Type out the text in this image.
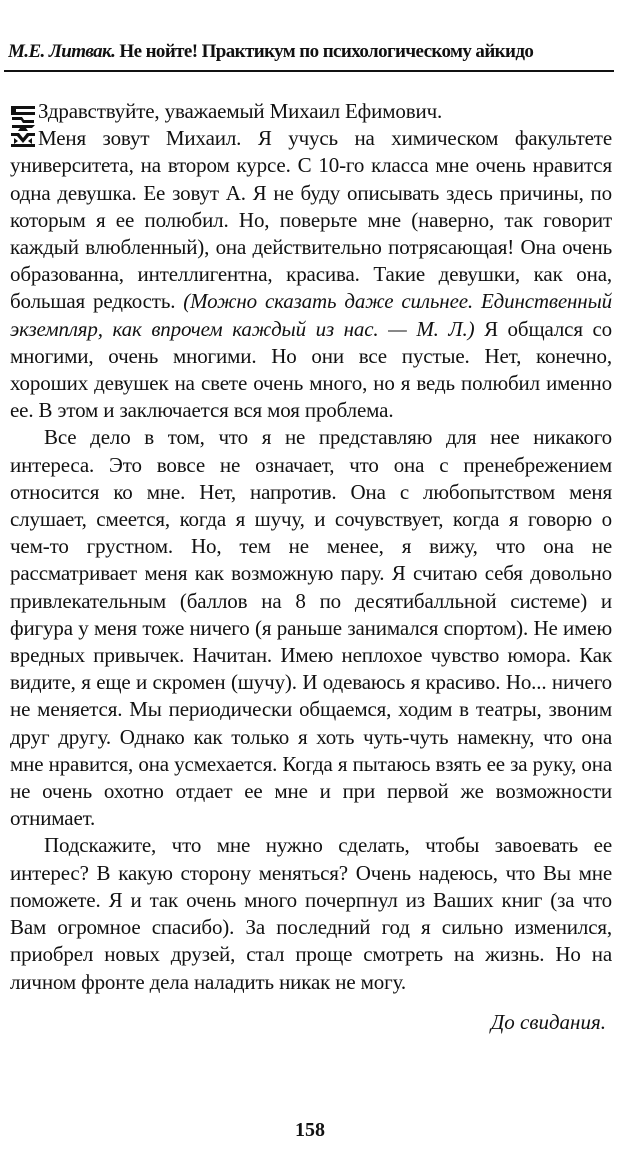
М.Е. Литвак. Не нойте! Практикум по психологическому айкидо

Здравствуйте, уважаемый Михаил Ефимович.
Меня зовут Михаил. Я учусь на химическом факультете университета, на втором курсе. С 10-го класса мне очень нравится одна девушка. Ее зовут А. Я не буду описывать здесь причины, по которым я ее полюбил. Но, поверьте мне (наверно, так говорит каждый влюбленный), она действительно потрясающая! Она очень образованна, интеллигентна, красива. Такие девушки, как она, большая редкость. (Можно сказать даже сильнее. Единственный экземпляр, как впрочем каждый из нас. — М. Л.) Я общался со многими, очень многими. Но они все пустые. Нет, конечно, хороших девушек на свете очень много, но я ведь полюбил именно ее. В этом и заключается вся моя проблема.

Все дело в том, что я не представляю для нее никакого интереса. Это вовсе не означает, что она с пренебрежением относится ко мне. Нет, напротив. Она с любопытством меня слушает, смеется, когда я шучу, и сочувствует, когда я говорю о чем-то грустном. Но, тем не менее, я вижу, что она не рассматривает меня как возможную пару. Я считаю себя довольно привлекательным (баллов на 8 по десятибалльной системе) и фигура у меня тоже ничего (я раньше занимался спортом). Не имею вредных привычек. Начитан. Имею неплохое чувство юмора. Как видите, я еще и скромен (шучу). И одеваюсь я красиво. Но... ничего не меняется. Мы периодически общаемся, ходим в театры, звоним друг другу. Однако как только я хоть чуть-чуть намекну, что она мне нравится, она усмехается. Когда я пытаюсь взять ее за руку, она не очень охотно отдает ее мне и при первой же возможности отнимает.

Подскажите, что мне нужно сделать, чтобы завоевать ее интерес? В какую сторону меняться? Очень надеюсь, что Вы мне поможете. Я и так очень много почерпнул из Ваших книг (за что Вам огромное спасибо). За последний год я сильно изменился, приобрел новых друзей, стал проще смотреть на жизнь. Но на личном фронте дела наладить никак не могу.

До свидания.
158
